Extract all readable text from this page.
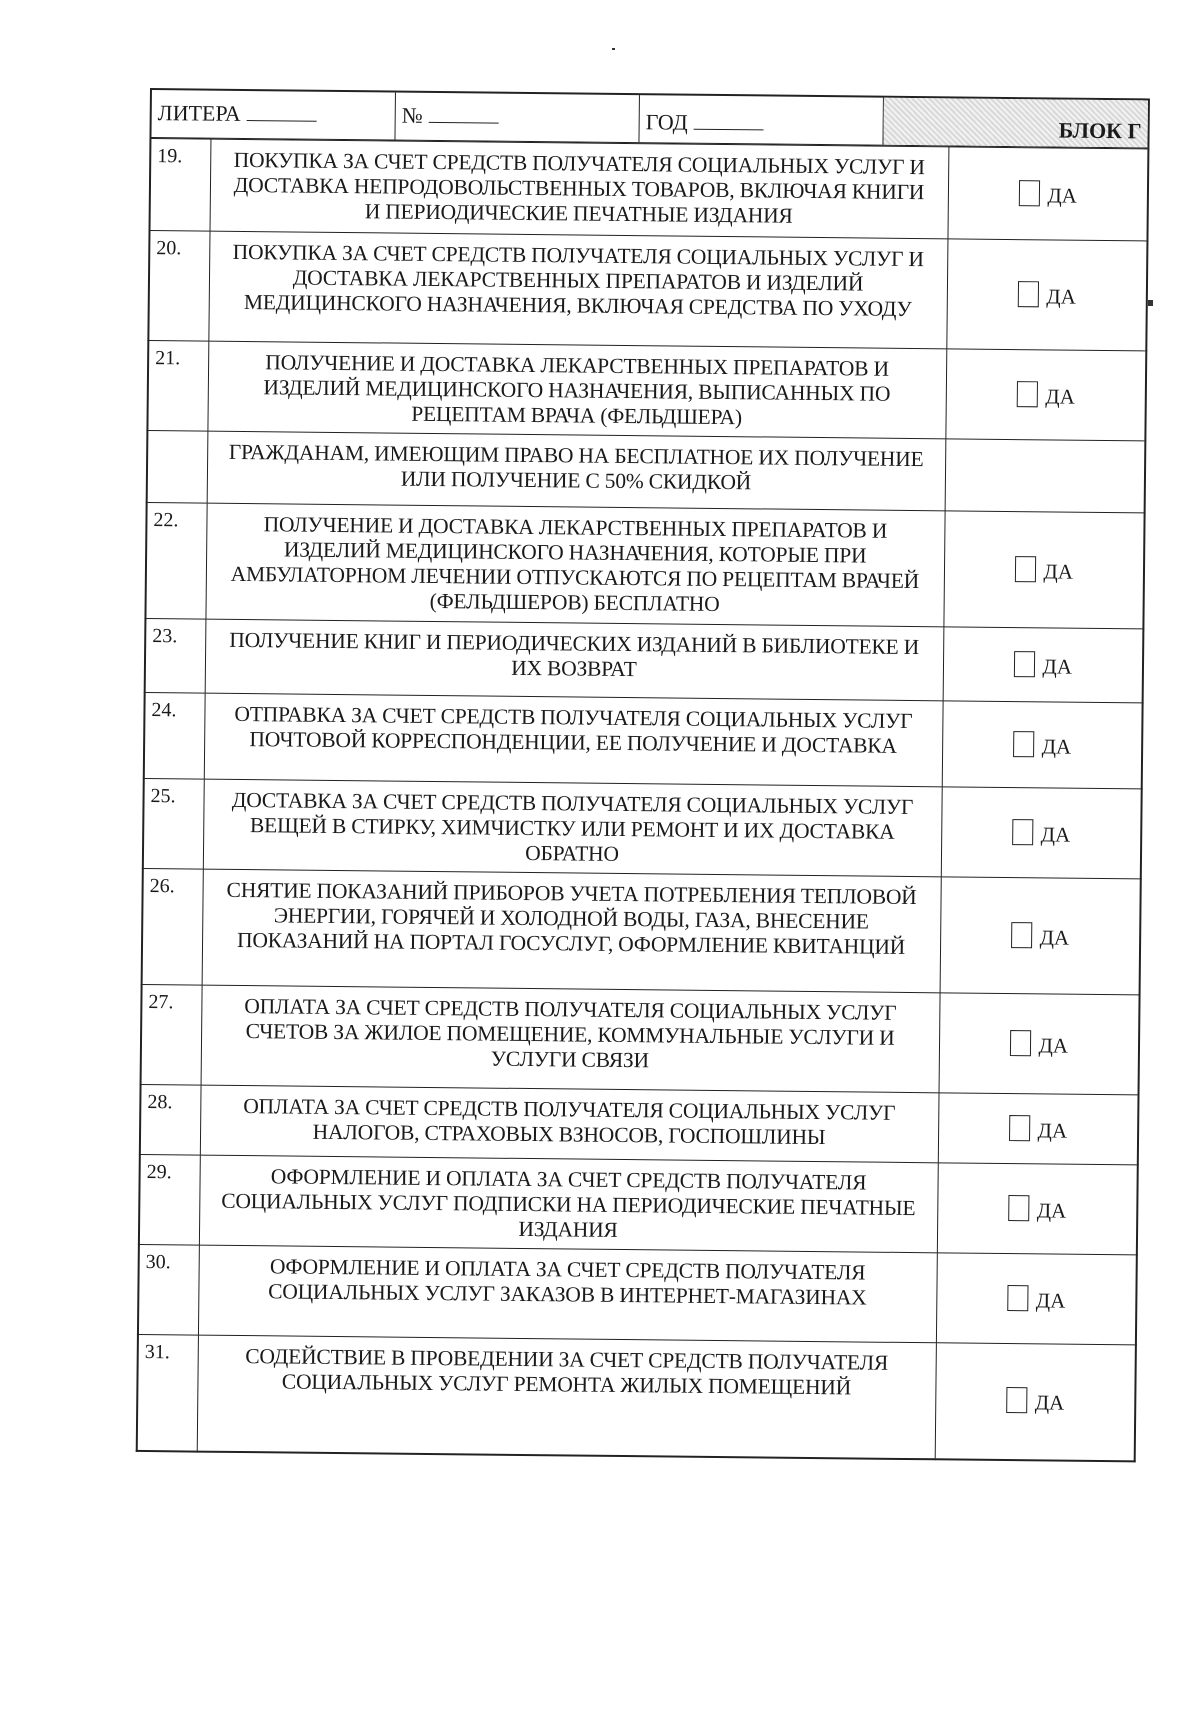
ЛИТЕРА	№	ГОД	БЛОК Г
19.	ПОКУПКА ЗА СЧЕТ СРЕДСТВ ПОЛУЧАТЕЛЯ СОЦИАЛЬНЫХ УСЛУГ И ДОСТАВКА НЕПРОДОВОЛЬСТВЕННЫХ ТОВАРОВ, ВКЛЮЧАЯ КНИГИ И ПЕРИОДИЧЕСКИЕ ПЕЧАТНЫЕ ИЗДАНИЯ	ДА
20.	ПОКУПКА ЗА СЧЕТ СРЕДСТВ ПОЛУЧАТЕЛЯ СОЦИАЛЬНЫХ УСЛУГ И ДОСТАВКА ЛЕКАРСТВЕННЫХ ПРЕПАРАТОВ И ИЗДЕЛИЙ МЕДИЦИНСКОГО НАЗНАЧЕНИЯ, ВКЛЮЧАЯ СРЕДСТВА ПО УХОДУ	ДА
21.	ПОЛУЧЕНИЕ И ДОСТАВКА ЛЕКАРСТВЕННЫХ ПРЕПАРАТОВ И ИЗДЕЛИЙ МЕДИЦИНСКОГО НАЗНАЧЕНИЯ, ВЫПИСАННЫХ ПО РЕЦЕПТАМ ВРАЧА (ФЕЛЬДШЕРА)	ДА
	ГРАЖДАНАМ, ИМЕЮЩИМ ПРАВО НА БЕСПЛАТНОЕ ИХ ПОЛУЧЕНИЕ ИЛИ ПОЛУЧЕНИЕ С 50% СКИДКОЙ	
22.	ПОЛУЧЕНИЕ И ДОСТАВКА ЛЕКАРСТВЕННЫХ ПРЕПАРАТОВ И ИЗДЕЛИЙ МЕДИЦИНСКОГО НАЗНАЧЕНИЯ, КОТОРЫЕ ПРИ АМБУЛАТОРНОМ ЛЕЧЕНИИ ОТПУСКАЮТСЯ ПО РЕЦЕПТАМ ВРАЧЕЙ (ФЕЛЬДШЕРОВ) БЕСПЛАТНО	ДА
23.	ПОЛУЧЕНИЕ КНИГ И ПЕРИОДИЧЕСКИХ ИЗДАНИЙ В БИБЛИОТЕКЕ И ИХ ВОЗВРАТ	ДА
24.	ОТПРАВКА ЗА СЧЕТ СРЕДСТВ ПОЛУЧАТЕЛЯ СОЦИАЛЬНЫХ УСЛУГ ПОЧТОВОЙ КОРРЕСПОНДЕНЦИИ, ЕЕ ПОЛУЧЕНИЕ И ДОСТАВКА	ДА
25.	ДОСТАВКА ЗА СЧЕТ СРЕДСТВ ПОЛУЧАТЕЛЯ СОЦИАЛЬНЫХ УСЛУГ ВЕЩЕЙ В СТИРКУ, ХИМЧИСТКУ ИЛИ РЕМОНТ И ИХ ДОСТАВКА ОБРАТНО	ДА
26.	СНЯТИЕ ПОКАЗАНИЙ ПРИБОРОВ УЧЕТА ПОТРЕБЛЕНИЯ ТЕПЛОВОЙ ЭНЕРГИИ, ГОРЯЧЕЙ И ХОЛОДНОЙ ВОДЫ, ГАЗА, ВНЕСЕНИЕ ПОКАЗАНИЙ НА ПОРТАЛ ГОСУСЛУГ, ОФОРМЛЕНИЕ КВИТАНЦИЙ	ДА
27.	ОПЛАТА ЗА СЧЕТ СРЕДСТВ ПОЛУЧАТЕЛЯ СОЦИАЛЬНЫХ УСЛУГ СЧЕТОВ ЗА ЖИЛОЕ ПОМЕЩЕНИЕ, КОММУНАЛЬНЫЕ УСЛУГИ И УСЛУГИ СВЯЗИ	ДА
28.	ОПЛАТА ЗА СЧЕТ СРЕДСТВ ПОЛУЧАТЕЛЯ СОЦИАЛЬНЫХ УСЛУГ НАЛОГОВ, СТРАХОВЫХ ВЗНОСОВ, ГОСПОШЛИНЫ	ДА
29.	ОФОРМЛЕНИЕ И ОПЛАТА ЗА СЧЕТ СРЕДСТВ ПОЛУЧАТЕЛЯ СОЦИАЛЬНЫХ УСЛУГ ПОДПИСКИ НА ПЕРИОДИЧЕСКИЕ ПЕЧАТНЫЕ ИЗДАНИЯ	ДА
30.	ОФОРМЛЕНИЕ И ОПЛАТА ЗА СЧЕТ СРЕДСТВ ПОЛУЧАТЕЛЯ СОЦИАЛЬНЫХ УСЛУГ ЗАКАЗОВ В ИНТЕРНЕТ-МАГАЗИНАХ	ДА
31.	СОДЕЙСТВИЕ В ПРОВЕДЕНИИ ЗА СЧЕТ СРЕДСТВ ПОЛУЧАТЕЛЯ СОЦИАЛЬНЫХ УСЛУГ РЕМОНТА ЖИЛЫХ ПОМЕЩЕНИЙ	ДА
